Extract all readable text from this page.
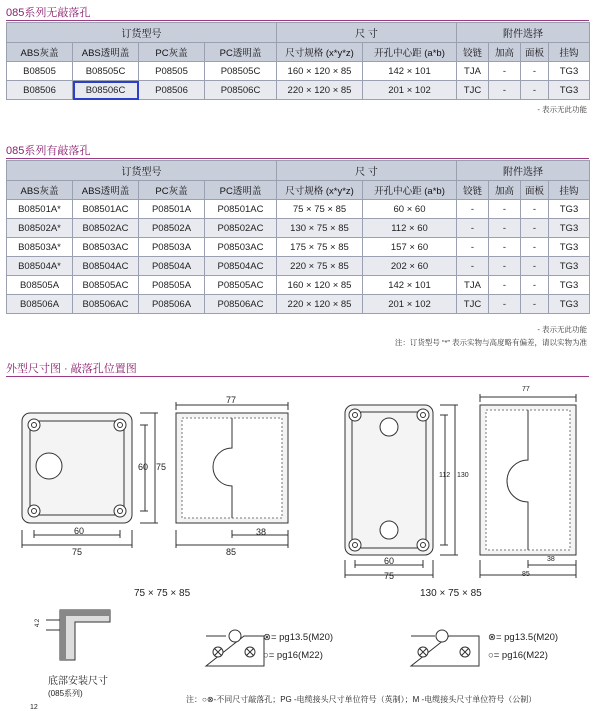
085系列无敲落孔
订货型号				尺 寸		附件选择			
ABS灰盖	ABS透明盖	PC灰盖	PC透明盖	尺寸规格 (x*y*z)	开孔中心距 (a*b)	铰链	加高	面板	挂钩
B08505	B08505C	P08505	P08505C	160 × 120 × 85	142 × 101	TJA	-	-	TG3
B08506	B08506C	P08506	P08506C	220 × 120 × 85	201 × 102	TJC	-	-	TG3
- 表示无此功能
085系列有敲落孔
订货型号				尺 寸		附件选择			
ABS灰盖	ABS透明盖	PC灰盖	PC透明盖	尺寸规格 (x*y*z)	开孔中心距 (a*b)	铰链	加高	面板	挂钩
B08501A*	B08501AC	P08501A	P08501AC	75 × 75 × 85	60 × 60	-	-	-	TG3
B08502A*	B08502AC	P08502A	P08502AC	130 × 75 × 85	112 × 60	-	-	-	TG3
B08503A*	B08503AC	P08503A	P08503AC	175 × 75 × 85	157 × 60	-	-	-	TG3
B08504A*	B08504AC	P08504A	P08504AC	220 × 75 × 85	202 × 60	-	-	-	TG3
B08505A	B08505AC	P08505A	P08505AC	160 × 120 × 85	142 × 101	TJA	-	-	TG3
B08506A	B08506AC	P08506A	P08506AC	220 × 120 × 85	201 × 102	TJC	-	-	TG3
- 表示无此功能
注：订货型号 “*” 表示实物与高度略有偏差，请以实物为准
外型尺寸图 · 敲落孔位置图
60
75
60 75
77
85
38
60
75
112 130
77
85
38
75 × 75 × 85	130 × 75 × 85
4.2
底部安装尺寸
(085系列)
⊗= pg13.5(M20)
○= pg16(M22)
⊗= pg13.5(M20)
○= pg16(M22)
注：○⊗-不同尺寸敲落孔；PG -电缆接头尺寸单位符号（英制）；M -电缆接头尺寸单位符号（公制）
12
